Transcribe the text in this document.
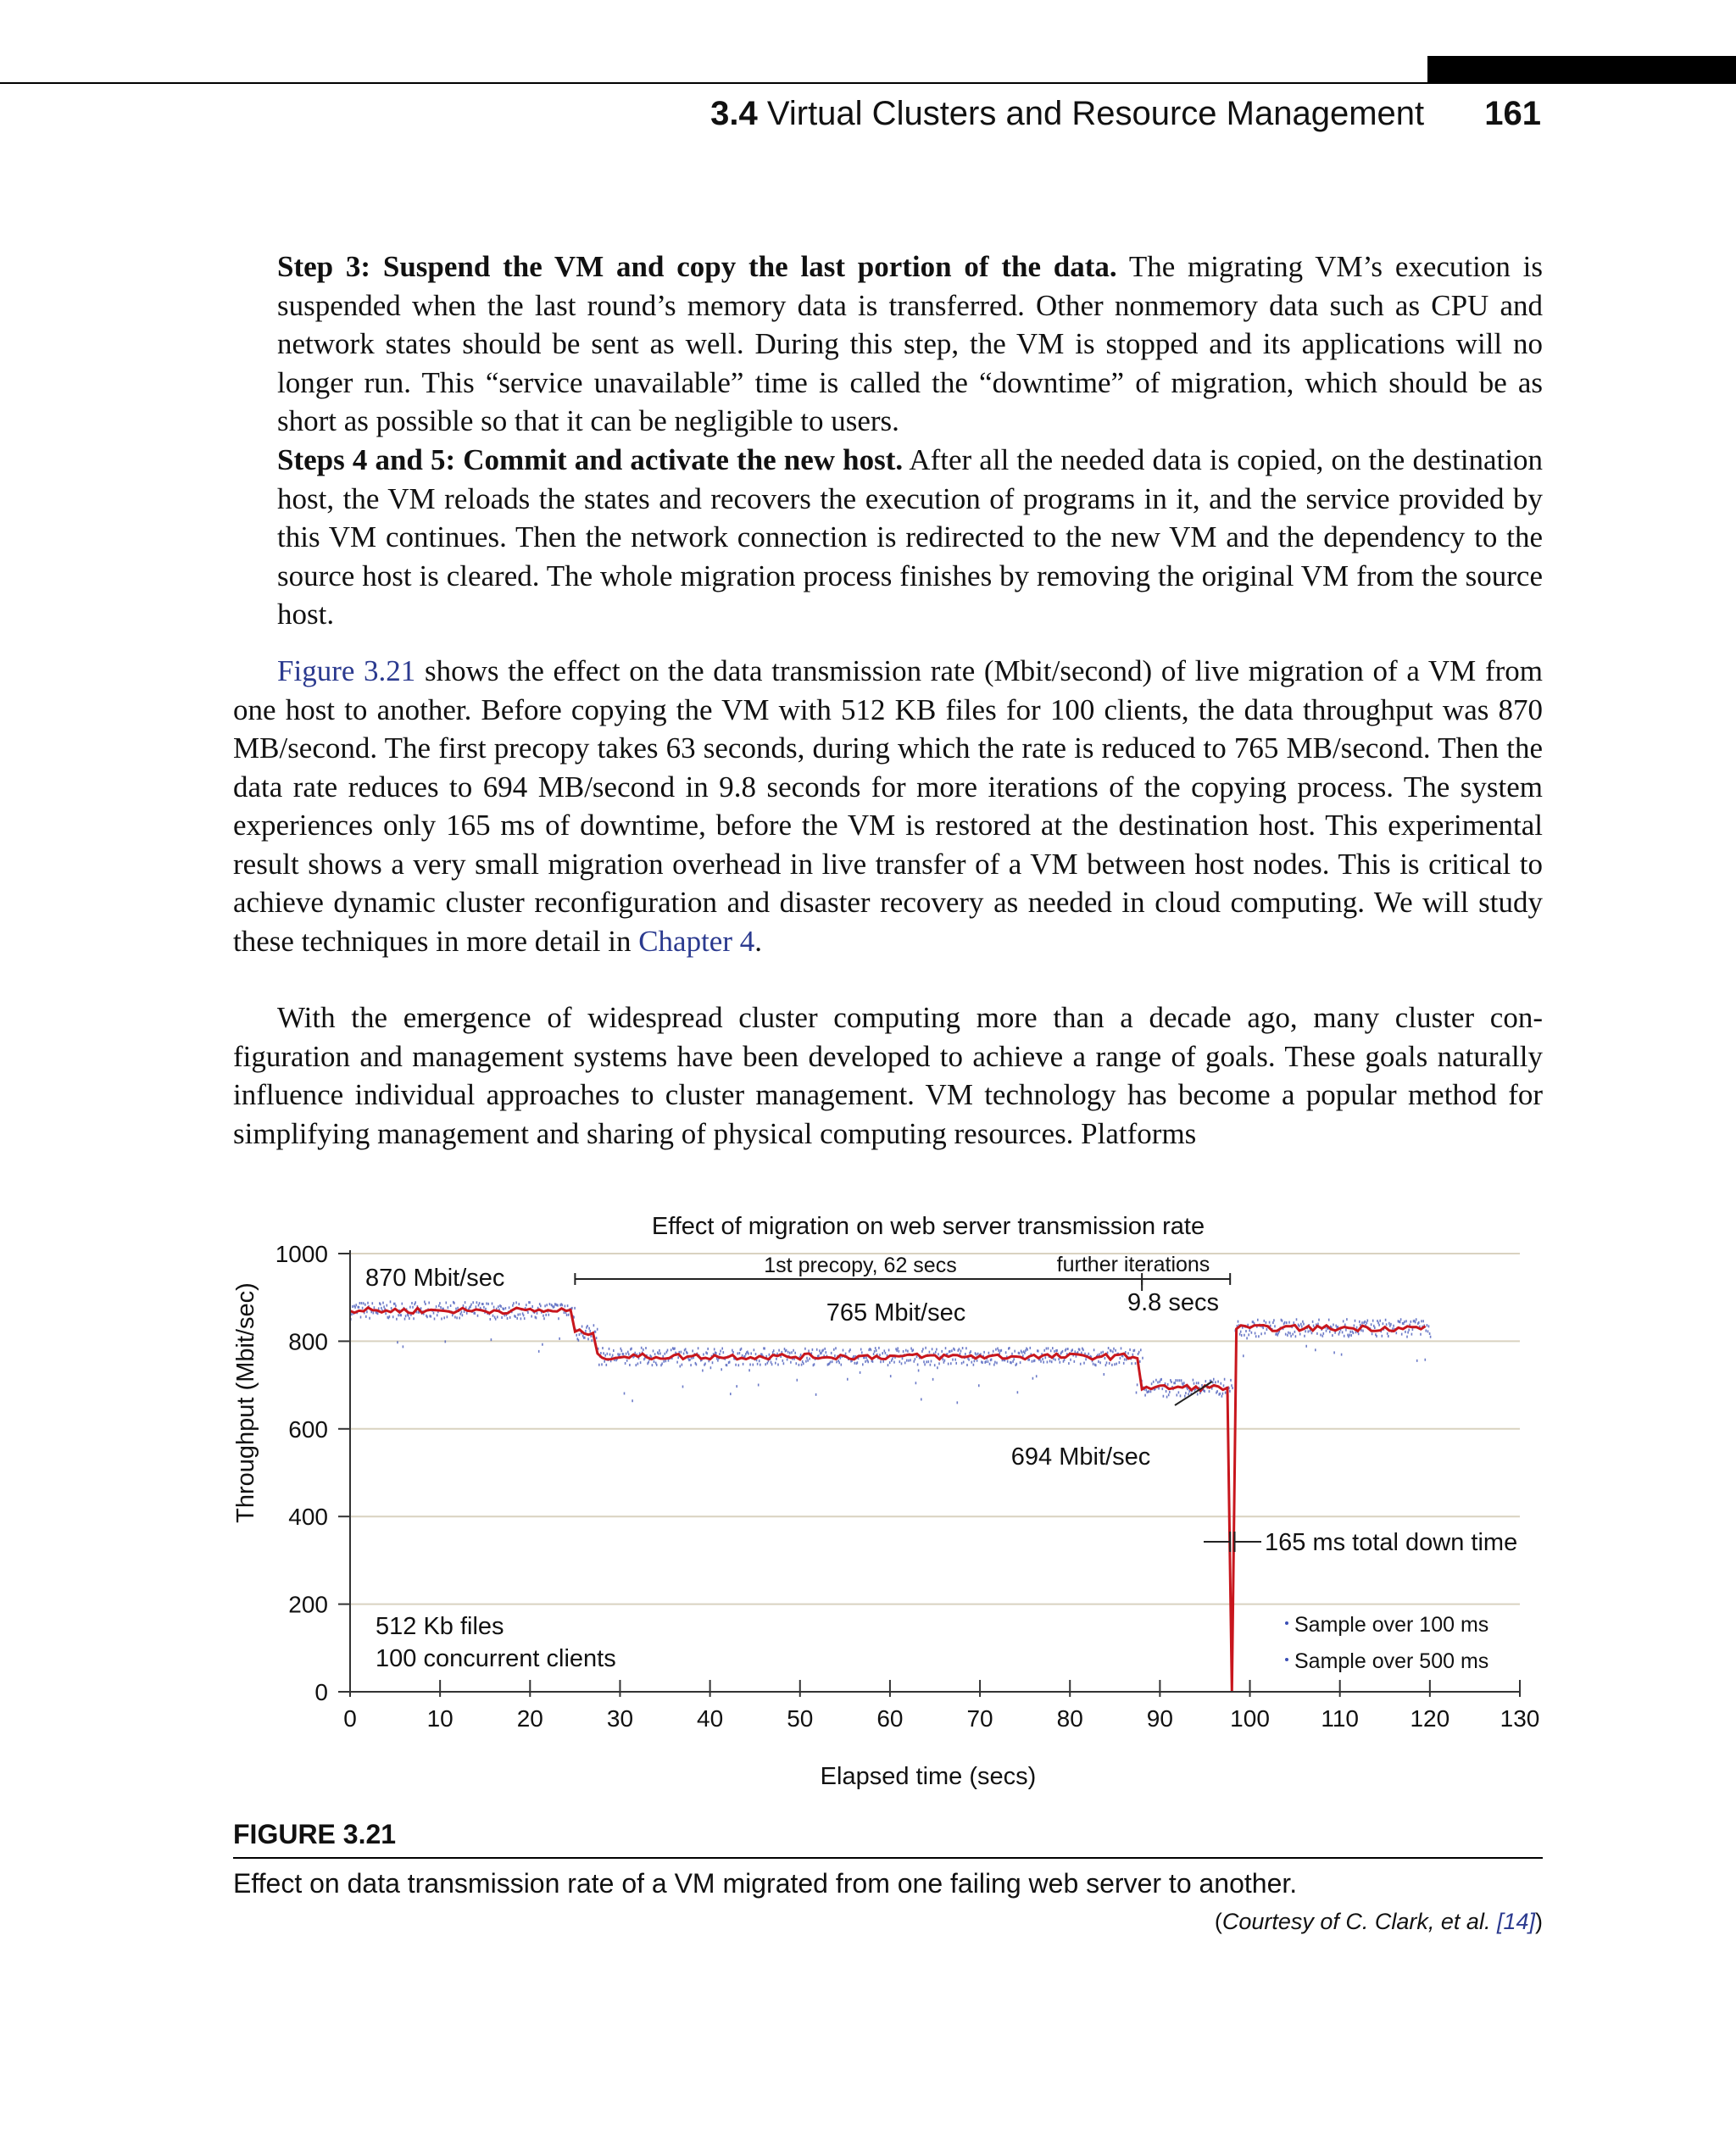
3.4 Virtual Clusters and Resource Management 161

Step 3: Suspend the VM and copy the last portion of the data. The migrating VM’s execution is suspended when the last round’s memory data is transferred. Other nonmemory data such as CPU and network states should be sent as well. During this step, the VM is stopped and its applications will no longer run. This “service unavailable” time is called the “downtime” of migration, which should be as short as possible so that it can be negligible to users.

Steps 4 and 5: Commit and activate the new host. After all the needed data is copied, on the destination host, the VM reloads the states and recovers the execution of programs in it, and the service provided by this VM continues. Then the network connection is redirected to the new VM and the dependency to the source host is cleared. The whole migration process finishes by removing the original VM from the source host.

Figure 3.21 shows the effect on the data transmission rate (Mbit/second) of live migration of a VM from one host to another. Before copying the VM with 512 KB files for 100 clients, the data throughput was 870 MB/second. The first precopy takes 63 seconds, during which the rate is reduced to 765 MB/second. Then the data rate reduces to 694 MB/second in 9.8 seconds for more iterations of the copying process. The system experiences only 165 ms of downtime, before the VM is restored at the destination host. This experimental result shows a very small migration overhead in live transfer of a VM between host nodes. This is critical to achieve dynamic cluster reconfiguration and disaster recovery as needed in cloud computing. We will study these techniques in more detail in Chapter 4.

With the emergence of widespread cluster computing more than a decade ago, many cluster con- figuration and management systems have been developed to achieve a range of goals. These goals naturally influence individual approaches to cluster management. VM technology has become a popular method for simplifying management and sharing of physical computing resources. Platforms

0
200
400
600
800
1000
0	10	20	30	40	50	60	70	80	90 100 110 120 130
Effect of migration on web server transmission rate
Elapsed time (secs)
Throughput (Mbit/sec)
870 Mbit/sec	1st precopy, 62 secs	further iterations
9.8 secs
765 Mbit/sec
694 Mbit/sec
165 ms total down time
512 Kb files
100 concurrent clients
Sample over 100 ms
Sample over 500 ms
FIGURE 3.21
Effect on data transmission rate of a VM migrated from one failing web server to another.
(Courtesy of C. Clark, et al. [14])
